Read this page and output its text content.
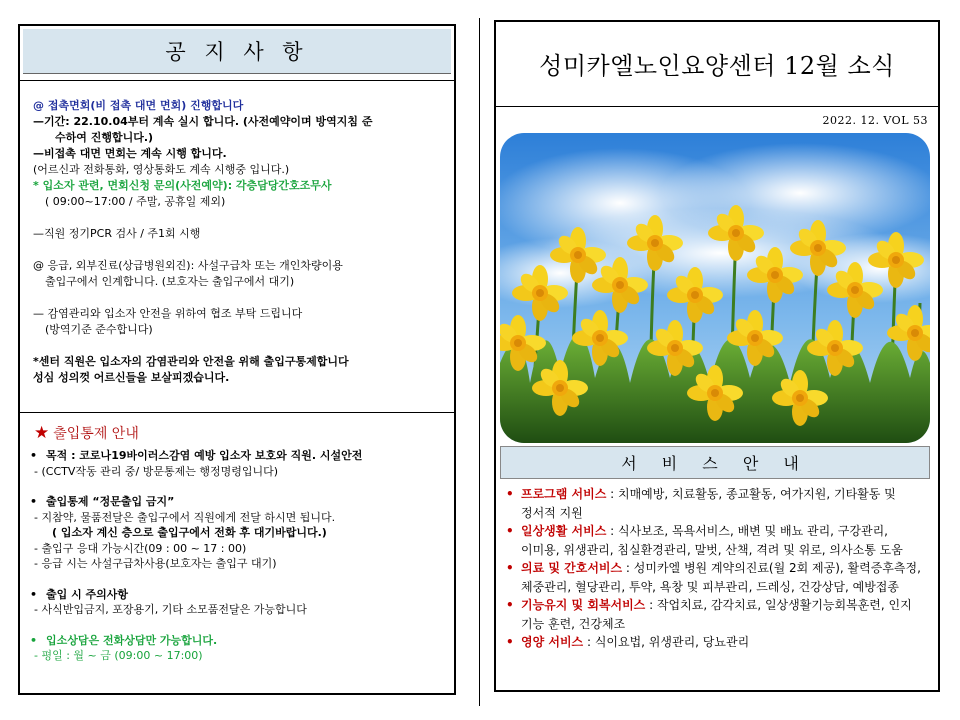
공 지 사 항
@ 접촉면회(비 접촉 대면 면회) 진행합니다
—기간: 22.10.04부터 계속 실시 합니다. (사전예약이며 방역지침 준
수하여 진행합니다.)
—비접촉 대면 면회는 계속 시행 합니다.
(어르신과 전화통화, 영상통화도 계속 시행중 입니다.)
* 입소자 관련, 면회신청 문의(사전예약): 각층담당간호조무사
( 09:00~17:00 / 주말, 공휴일 제외)
—직원 정기PCR 검사 / 주1회 시행
@ 응급, 외부진료(상급병원외진): 사설구급차 또는 개인차량이용
출입구에서 인계합니다. (보호자는 출입구에서 대기)
— 감염관리와 입소자 안전을 위하여 협조 부탁 드립니다
(방역기준 준수합니다)
*센터 직원은 입소자의 감염관리와 안전을 위해 출입구통제합니다
성심 성의껏 어르신들을 보살피겠습니다.
★ 출입통제 안내
• 목적 : 코로나19바이러스감염 예방 입소자 보호와 직원. 시설안전
- (CCTV작동 관리 중/ 방문통제는 행정명령입니다)
• 출입통제 “정문출입 금지”
- 지참약, 물품전달은 출입구에서 직원에게 전달 하시면 됩니다.
( 입소자 계신 층으로 출입구에서 전화 후 대기바랍니다.)
- 출입구 응대 가능시간(09 : 00 ~ 17 : 00)
- 응급 시는 사설구급차사용(보호자는 출입구 대기)
• 출입 시 주의사항
- 사식반입금지, 포장용기, 기타 소모품전달은 가능합니다
• 입소상담은 전화상담만 가능합니다.
- 평일 : 월 ~ 금 (09:00 ~ 17:00)
성미카엘노인요양센터 12월 소식
2022. 12. VOL 53
서 비 스 안 내
• 프로그램 서비스 : 치매예방, 치료활동, 종교활동, 여가지원, 기타활동 및 정서적 지원
• 일상생활 서비스 : 식사보조, 목욕서비스, 배변 및 배뇨 관리, 구강관리, 이미용, 위생관리, 침실환경관리, 말벗, 산책, 격려 및 위로, 의사소통 도움
• 의료 및 간호서비스 : 성미카엘 병원 계약의진료(월 2회 제공), 활력증후측정, 체중관리, 혈당관리, 투약, 욕창 및 피부관리, 드레싱, 건강상담, 예방접종
• 기능유지 및 회복서비스 : 작업치료, 감각치료, 일상생활기능회복훈련, 인지 기능 훈련, 건강체조
• 영양 서비스 : 식이요법, 위생관리, 당뇨관리
